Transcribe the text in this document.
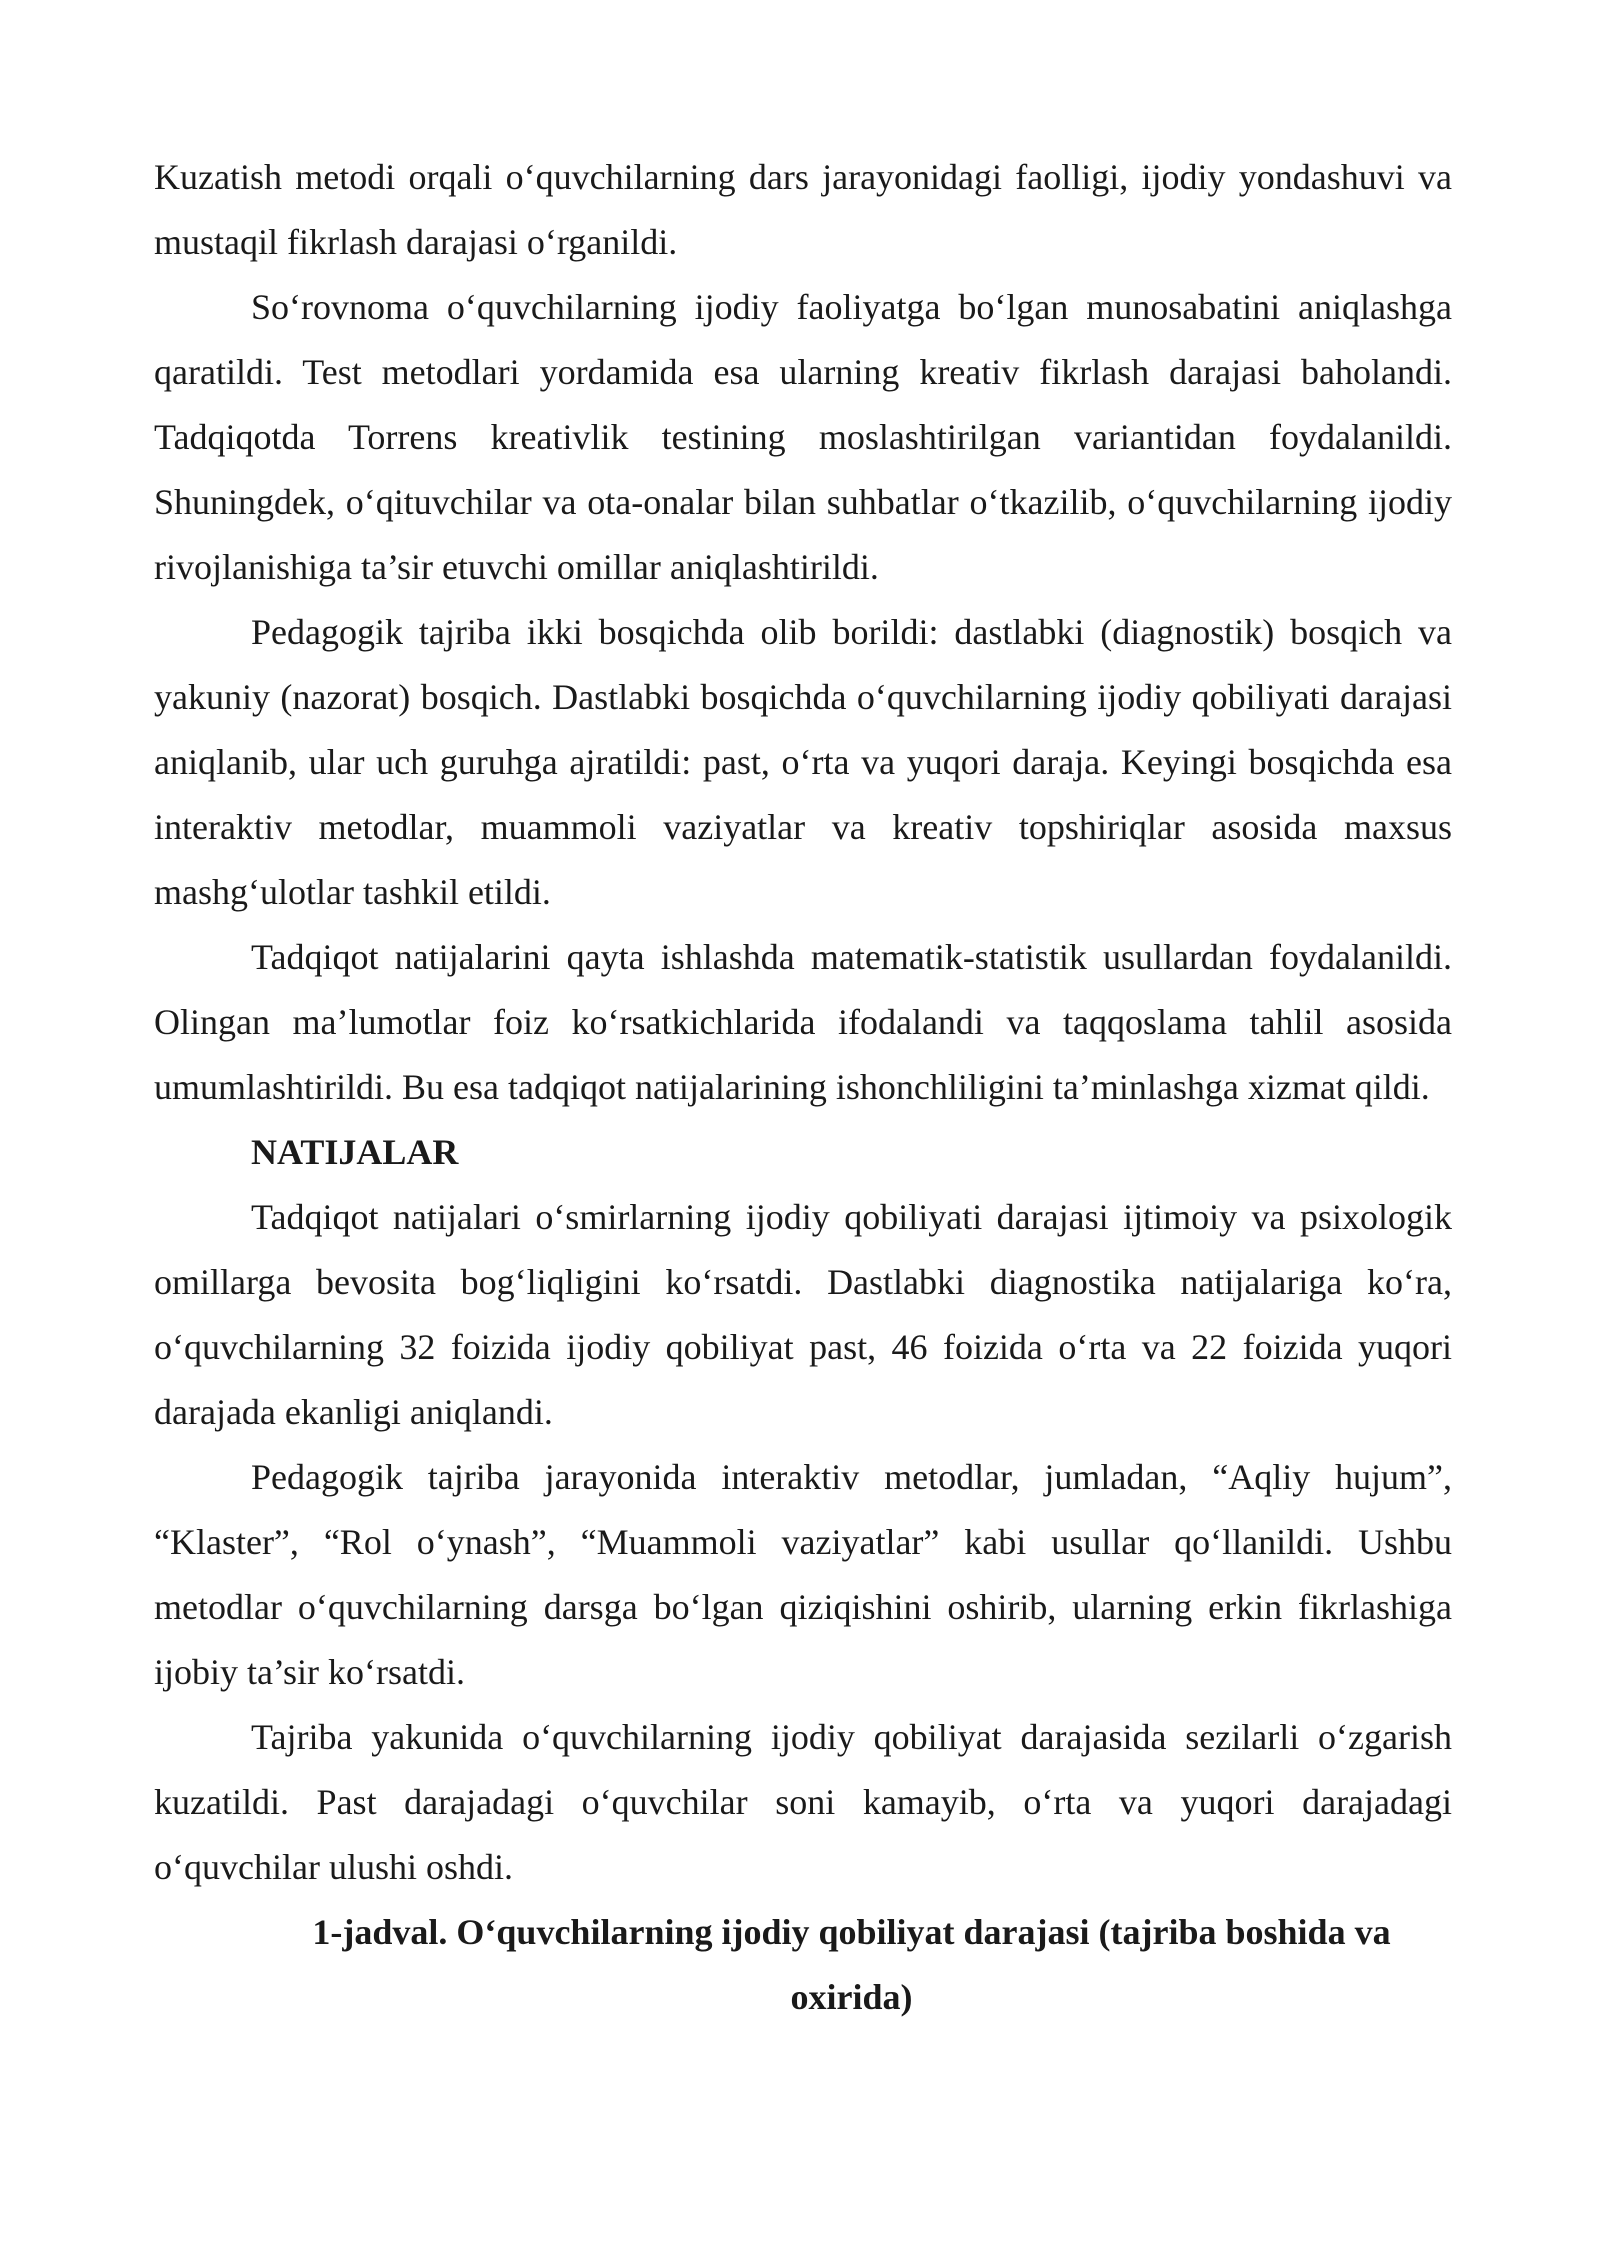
Kuzatish metodi orqali o‘quvchilarning dars jarayonidagi faolligi, ijodiy yondashuvi va mustaqil fikrlash darajasi o‘rganildi.

So‘rovnoma o‘quvchilarning ijodiy faoliyatga bo‘lgan munosabatini aniqlashga qaratildi. Test metodlari yordamida esa ularning kreativ fikrlash darajasi baholandi. Tadqiqotda Torrens kreativlik testining moslashtirilgan variantidan foydalanildi. Shuningdek, o‘qituvchilar va ota-onalar bilan suhbatlar o‘tkazilib, o‘quvchilarning ijodiy rivojlanishiga ta’sir etuvchi omillar aniqlashtirildi.

Pedagogik tajriba ikki bosqichda olib borildi: dastlabki (diagnostik) bosqich va yakuniy (nazorat) bosqich. Dastlabki bosqichda o‘quvchilarning ijodiy qobiliyati darajasi aniqlanib, ular uch guruhga ajratildi: past, o‘rta va yuqori daraja. Keyingi bosqichda esa interaktiv metodlar, muammoli vaziyatlar va kreativ topshiriqlar asosida maxsus mashg‘ulotlar tashkil etildi.

Tadqiqot natijalarini qayta ishlashda matematik-statistik usullardan foydalanildi. Olingan ma’lumotlar foiz ko‘rsatkichlarida ifodalandi va taqqoslama tahlil asosida umumlashtirildi. Bu esa tadqiqot natijalarining ishonchliligini ta’minlashga xizmat qildi.

NATIJALAR

Tadqiqot natijalari o‘smirlarning ijodiy qobiliyati darajasi ijtimoiy va psixologik omillarga bevosita bog‘liqligini ko‘rsatdi. Dastlabki diagnostika natijalariga ko‘ra, o‘quvchilarning 32 foizida ijodiy qobiliyat past, 46 foizida o‘rta va 22 foizida yuqori darajada ekanligi aniqlandi.

Pedagogik tajriba jarayonida interaktiv metodlar, jumladan, “Aqliy hujum”, “Klaster”, “Rol o‘ynash”, “Muammoli vaziyatlar” kabi usullar qo‘llanildi. Ushbu metodlar o‘quvchilarning darsga bo‘lgan qiziqishini oshirib, ularning erkin fikrlashiga ijobiy ta’sir ko‘rsatdi.

Tajriba yakunida o‘quvchilarning ijodiy qobiliyat darajasida sezilarli o‘zgarish kuzatildi. Past darajadagi o‘quvchilar soni kamayib, o‘rta va yuqori darajadagi o‘quvchilar ulushi oshdi.

1-jadval. O‘quvchilarning ijodiy qobiliyat darajasi (tajriba boshida va oxirida)
